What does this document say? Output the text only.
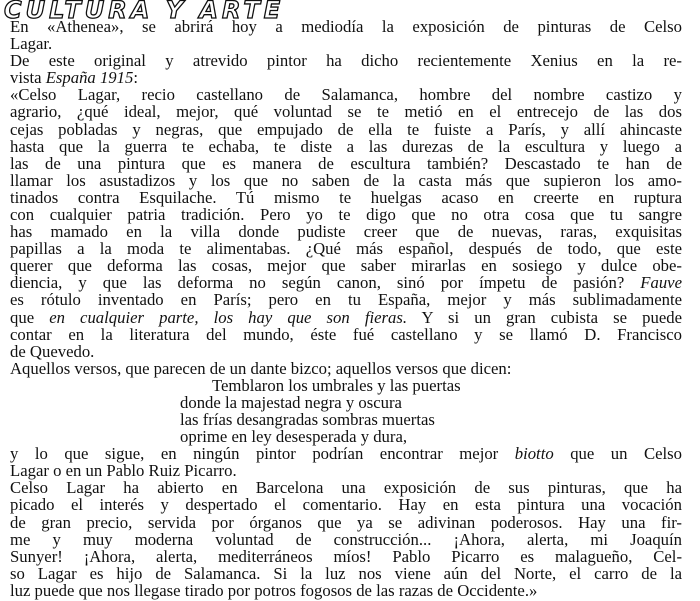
CULTURA Y ARTE

En «Athenea», se abrirá hoy a mediodía la exposición de pinturas de Celso

Lagar.

De este original y atrevido pintor ha dicho recientemente Xenius en la re-

vista España 1915:

«Celso Lagar, recio castellano de Salamanca, hombre del nombre castizo y

agrario, ¿qué ideal, mejor, qué voluntad se te metió en el entrecejo de las dos

cejas pobladas y negras, que empujado de ella te fuiste a París, y allí ahincaste

hasta que la guerra te echaba, te diste a las durezas de la escultura y luego a

las de una pintura que es manera de escultura también? Descastado te han de

llamar los asustadizos y los que no saben de la casta más que supieron los amo-

tinados contra Esquilache. Tú mismo te huelgas acaso en creerte en ruptura

con cualquier patria tradición. Pero yo te digo que no otra cosa que tu sangre

has mamado en la villa donde pudiste creer que de nuevas, raras, exquisitas

papillas a la moda te alimentabas. ¿Qué más español, después de todo, que este

querer que deforma las cosas, mejor que saber mirarlas en sosiego y dulce obe-

diencia, y que las deforma no según canon, sinó por ímpetu de pasión? Fauve

es rótulo inventado en París; pero en tu España, mejor y más sublimadamente

que en cualquier parte, los hay que son fieras. Y si un gran cubista se puede

contar en la literatura del mundo, éste fué castellano y se llamó D. Francisco

de Quevedo.

Aquellos versos, que parecen de un dante bizco; aquellos versos que dicen:

Temblaron los umbrales y las puertas

donde la majestad negra y oscura

las frías desangradas sombras muertas

oprime en ley desesperada y dura,

y lo que sigue, en ningún pintor podrían encontrar mejor biotto que un Celso

Lagar o en un Pablo Ruiz Picarro.

Celso Lagar ha abierto en Barcelona una exposición de sus pinturas, que ha

picado el interés y despertado el comentario. Hay en esta pintura una vocación

de gran precio, servida por órganos que ya se adivinan poderosos. Hay una fir-

me y muy moderna voluntad de construcción... ¡Ahora, alerta, mi Joaquín

Sunyer! ¡Ahora, alerta, mediterráneos míos! Pablo Picarro es malagueño, Cel-

so Lagar es hijo de Salamanca. Si la luz nos viene aún del Norte, el carro de la

luz puede que nos llegase tirado por potros fogosos de las razas de Occidente.»
